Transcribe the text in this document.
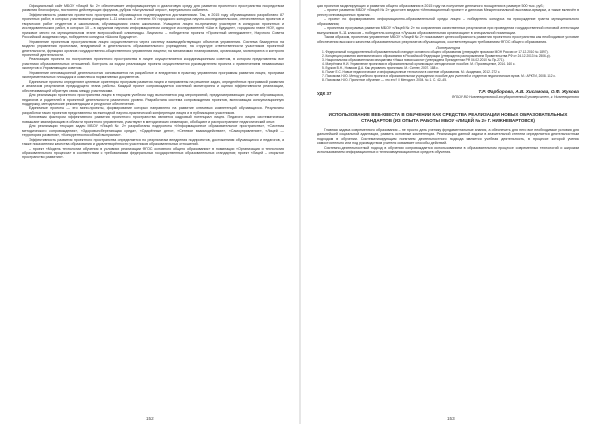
Официальный сайт МБОУ «Лицей № 2» обеспечивает информационную и диалоговую среду для развития проектного пространства посредством развития блогосферы, постоянно действующих форумов, рубрик «Актуальный опрос», виртуального кабинета.

Эффективность развития проектного пространства обучающихся подтверждается достижениями. Так, в 2015 году обучающимися разработано 87 проектных работ, в которых участвовали учащиеся 1–11 классов. 2 степени XV городского конкурса научно-исследовательских, отечественных проектов и творческих работ студентов и школьников, обучающимися стали школьники. Учащиеся лицея по-прежнему участвуют в конкурсах проектных и исследовательских работ, в которых 10 – в окружном научном информационном конкурсе исследователей «Шаг в будущее», городском этапе НОУ, одно призовое место на муниципальном этапе всероссийской олимпиады. Лицеисты – победители проекта «Проектный менеджмент», Научного Совета Российской академии наук, победители конкурса «Школа будущего».

Управление проектным пространством лицея осуществляется через систему взаимодействующих объектов управления. Система базируется на модели управления проектами, внедряемой в деятельность образовательного учреждения; на структуре ответственности участников проектной деятельности, функциях органов государственно-общественного управления лицеем; на механизмах планирования, организации, мониторинга и контроля проектной деятельности.

Реализация проекта по построению проектного пространства в лицее осуществляется координационным советом, в котором представлены все участники образовательных отношений. Контроль за ходом реализации проекта осуществляется руководителем проекта с привлечением независимых экспертов и Управляющим советом.

Управление инновационной деятельностью основывается на разработке и внедрении в практику управления программы развития лицея, программ экспериментальных площадок и комплекса нормативных документов.

Единичные проекты определяют целевые ориентиры программ развития лицея и направлены на решение задач, определённых программой развития и анализом результатов предыдущего этапа работы. Каждый проект сопровождается системой мониторинга и оценки эффективности реализации, обеспечивающей обратную связь между участниками.

Для реализации проектного пространства лицея в текущем учебном году выполняется ряд мероприятий, предусматривающих участие обучающихся, педагогов и родителей в проектной деятельности различного уровня. Разработана система сопровождения проектов, включающая консультационную поддержку, методические рекомендации и ресурсное обеспечение.

Единичные проекты — это мини-проекты, формирование которых направлено на развитие ключевых компетенций обучающихся. Результаты разработки таких проектов представлены на ежегодной научно-практической конференции лицея и в публикациях участников.

Ключевым фактором эффективного развития проектного пространства является кадровый потенциал лицея. Педагоги лицея систематически повышают квалификацию в области проектного управления, участвуют в методических семинарах, обобщают и распространяют педагогический опыт.

Для реализации текущих задач МБОУ «Лицей № 2» разработаны подпроекты «Информационное образовательное пространство», «Система методического сопровождения», «Здоровьесберегающая среда», «Одарённые дети», «Сетевое взаимодействие», «Самоуправление», «Лицей — территория развития», «Конкурентоспособный выпускник».

Эффективность развития проектного пространства определяется по результатам внедрения подпроектов, достижениям обучающихся и педагогов, а также показателям качества образования и удовлетворённости участников образовательных отношений.

– проект «Модель технологии обучения в условиях реализации ФГОС основного общего образования» в номинации «Организация и технология образовательного процесса» в соответствии с требованиями федеральных государственных образовательных стандартов; проект «Лицей – открытое пространство развития».

152

цая проектов моделирующих и развития общего образования в 2015 году на получение денежного поощрения в размере 500 тыс. руб.;

– проект развития МБОУ «Лицей № 2» удостоен медали «Инновационный проект» и диплома Межрегиональной выставки-ярмарки, а также включён в реестр инновационных практик.

– проект по формированию информационно-образовательной среды лицея – победитель конкурса на присуждение гранта муниципального образования;

– проектная программа развития МБОУ «Лицей № 2» по сохранению качественных результатов при проведении государственной итоговой аттестации выпускников 9–11 классов – победитель конкурса «Лучшая образовательная организация» в специальной номинации.

Таким образом, проектная управление МБОУ «Лицей № 2» показывает целесообразность развития проектного пространства как необходимое условие обеспечения высокого качества образовательных результатов обучающихся, соответствующих требованиям ФГОС общего образования.

Литература

1. Федеральный государственный образовательный стандарт основного общего образования (утверждён приказом МОН России от 17.12.2010 № 1897).

2. Концепция развития математического образования в Российской Федерации (утверждена распоряжением Правительства РФ от 24.12.2013 № 2506-р).

3. Национальная образовательная инициатива «Наша новая школа» (утверждена Президентом РФ 04.02.2010 № Пр-271).

4. Матрёнина Н.И. Управление проектами в образовательной организации: методическое пособие. М.: Просвещение, 2014. 160 с.

5. Бурков В.Н., Новиков Д.А. Как управлять проектами. М.: Синтег, 2007. 188 с.

6. Полат Е.С. Новые педагогические и информационные технологии в системе образования. М.: Академия, 2012. 272 с.

7. Пахомова Н.Ю. Метод учебного проекта в образовательном учреждении: пособие для учителей и студентов педагогических вузов. М.: АРКТИ, 2008. 112 с.

8. Пахомова Н.Ю. Проектное обучение — что это? // Методист. 2004. № 1. С. 42–45.

УДК 37	Т.Р. Фарборова, А.В. Хисамова, О.Ф. Жукова
ФГБОУ ВО Нижневартовский государственный университет, г. Нижневартовск
ИСПОЛЬЗОВАНИЕ ВЕБ-КВЕСТА В ОБУЧЕНИИ КАК СРЕДСТВА РЕАЛИЗАЦИИ НОВЫХ ОБРАЗОВАТЕЛЬНЫХ СТАНДАРТОВ (ИЗ ОПЫТА РАБОТЫ МБОУ «ЛИЦЕЙ № 2» Г. НИЖНЕВАРТОВСК)

Главная задача современного образования – не просто дать ученику фундаментальные знания, а обеспечить для него все необходимые условия для дальнейшей социальной адаптации, развить основные компетенции. Реализация данной задачи в значительной степени определяется деятельностным подходом в обучении. Систематизирующим понятием деятельностного подхода является учебная деятельность, в процессе которой ученик самостоятельно или под руководством учителя осваивает способы действий.

Системно-деятельностный подход в обучении сопровождается использованием в образовательном процессе современных технологий и широким использованием информационных и телекоммуникационных средств обучения.

153
